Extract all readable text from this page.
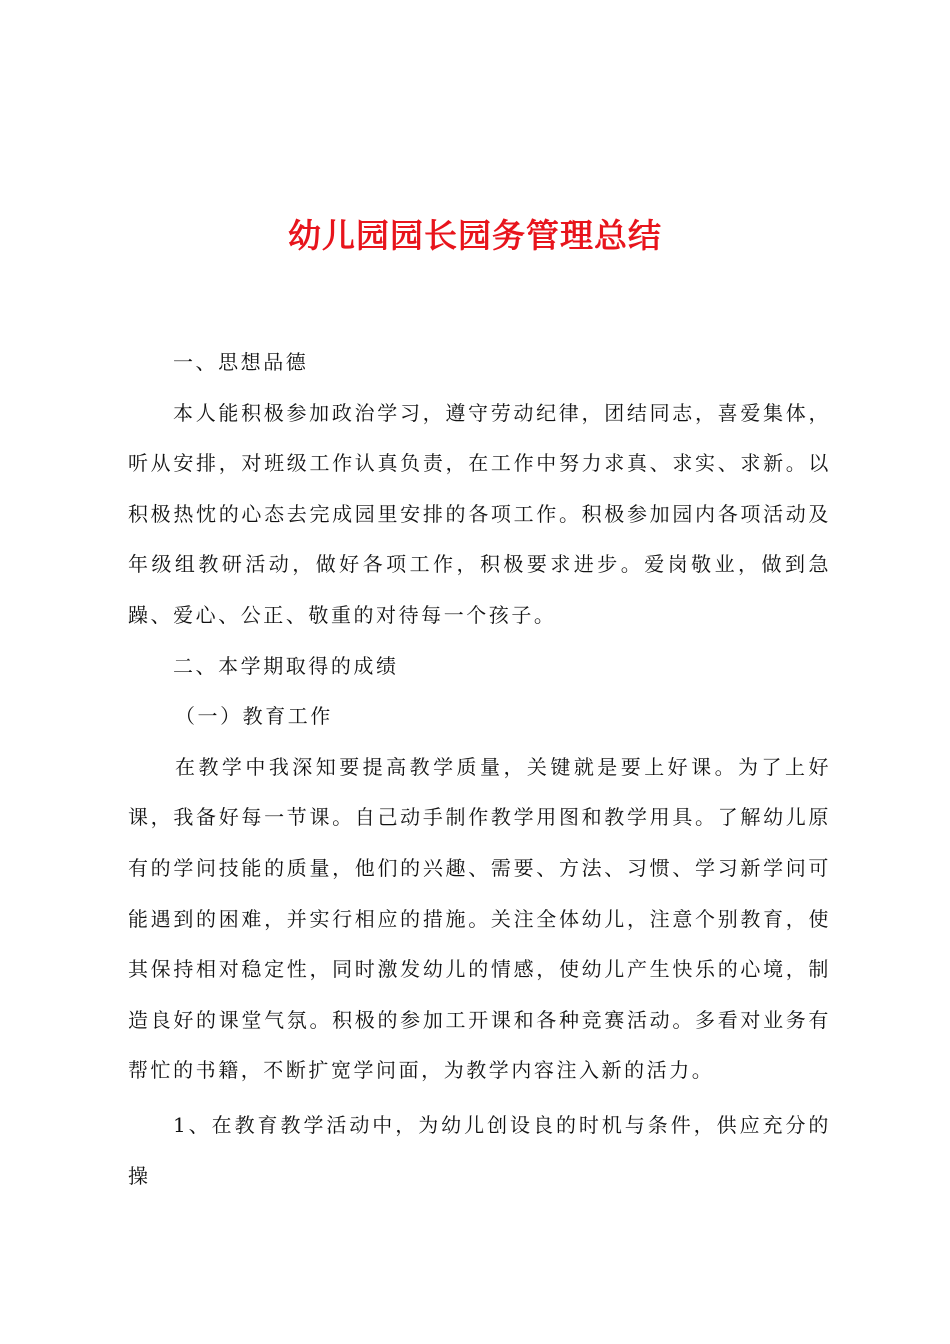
幼儿园园长园务管理总结

一、思想品德

本人能积极参加政治学习，遵守劳动纪律，团结同志，喜爱集体，听从安排，对班级工作认真负责，在工作中努力求真、求实、求新。以积极热忱的心态去完成园里安排的各项工作。积极参加园内各项活动及年级组教研活动，做好各项工作，积极要求进步。爱岗敬业，做到急躁、爱心、公正、敬重的对待每一个孩子。

二、本学期取得的成绩

（一）教育工作

在教学中我深知要提高教学质量，关键就是要上好课。为了上好课，我备好每一节课。自己动手制作教学用图和教学用具。了解幼儿原有的学问技能的质量，他们的兴趣、需要、方法、习惯、学习新学问可能遇到的困难，并实行相应的措施。关注全体幼儿，注意个别教育，使其保持相对稳定性，同时激发幼儿的情感，使幼儿产生快乐的心境，制造良好的课堂气氛。积极的参加工开课和各种竞赛活动。多看对业务有帮忙的书籍，不断扩宽学问面，为教学内容注入新的活力。

1、在教育教学活动中，为幼儿创设良的时机与条件，供应充分的操
